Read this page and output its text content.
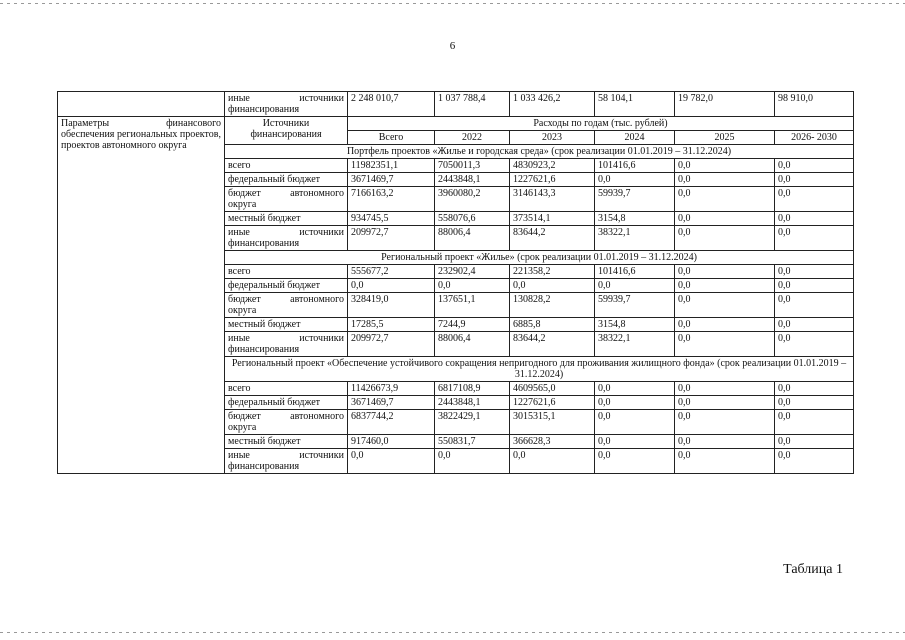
6
	иные источники финансирования	2 248 010,7	1 037 788,4	1 033 426,2	58 104,1	19 782,0	98 910,0
Параметры финансового обеспечения региональных проектов, проектов автономного округа	Источники финансирования	Расходы по годам (тыс. рублей)					
		Всего	2022	2023	2024	2025	2026- 2030
	Портфель проектов «Жилье и городская среда» (срок реализации 01.01.2019 – 31.12.2024)						
	всего	11982351,1	7050011,3	4830923,2	101416,6	0,0	0,0
	федеральный бюджет	3671469,7	2443848,1	1227621,6	0,0	0,0	0,0
	бюджет автономного округа	7166163,2	3960080,2	3146143,3	59939,7	0,0	0,0
	местный бюджет	934745,5	558076,6	373514,1	3154,8	0,0	0,0
	иные источники финансирования	209972,7	88006,4	83644,2	38322,1	0,0	0,0
	Региональный проект «Жилье» (срок реализации 01.01.2019 – 31.12.2024)						
	всего	555677,2	232902,4	221358,2	101416,6	0,0	0,0
	федеральный бюджет	0,0	0,0	0,0	0,0	0,0	0,0
	бюджет автономного округа	328419,0	137651,1	130828,2	59939,7	0,0	0,0
	местный бюджет	17285,5	7244,9	6885,8	3154,8	0,0	0,0
	иные источники финансирования	209972,7	88006,4	83644,2	38322,1	0,0	0,0
	Региональный проект «Обеспечение устойчивого сокращения непригодного для проживания жилищного фонда» (срок реализации 01.01.2019 – 31.12.2024)						
	всего	11426673,9	6817108,9	4609565,0	0,0	0,0	0,0
	федеральный бюджет	3671469,7	2443848,1	1227621,6	0,0	0,0	0,0
	бюджет автономного округа	6837744,2	3822429,1	3015315,1	0,0	0,0	0,0
	местный бюджет	917460,0	550831,7	366628,3	0,0	0,0	0,0
	иные источники финансирования	0,0	0,0	0,0	0,0	0,0	0,0
Таблица 1
